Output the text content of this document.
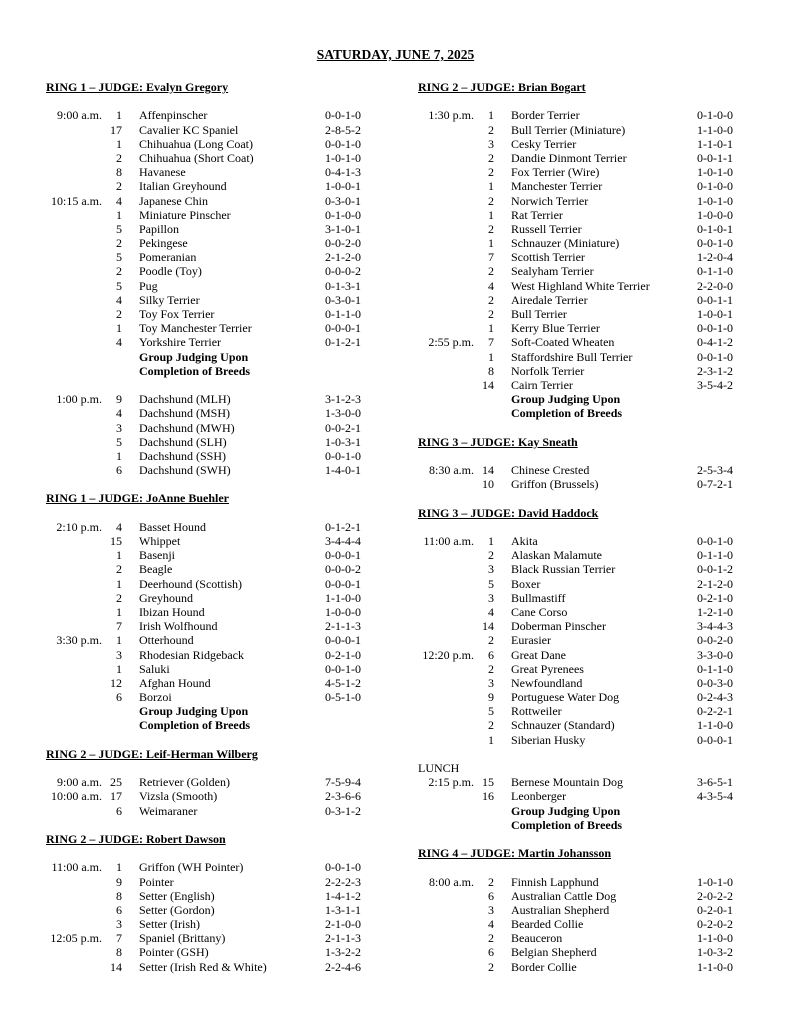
SATURDAY, JUNE 7, 2025
RING 1 – JUDGE: Evalyn Gregory
9:00 a.m.	1 Affenpinscher	0-0-1-0
17 Cavalier KC Spaniel	2-8-5-2
1 Chihuahua (Long Coat)	0-0-1-0
2 Chihuahua (Short Coat)	1-0-1-0
8 Havanese	0-4-1-3
2 Italian Greyhound	1-0-0-1
10:15 a.m.	4 Japanese Chin	0-3-0-1
1 Miniature Pinscher	0-1-0-0
5 Papillon	3-1-0-1
2 Pekingese	0-0-2-0
5 Pomeranian	2-1-2-0
2 Poodle (Toy)	0-0-0-2
5 Pug	0-1-3-1
4 Silky Terrier	0-3-0-1
2 Toy Fox Terrier	0-1-1-0
1 Toy Manchester Terrier	0-0-0-1
4 Yorkshire Terrier	0-1-2-1
Group Judging Upon
Completion of Breeds
1:00 p.m.	9 Dachshund (MLH)	3-1-2-3
4 Dachshund (MSH)	1-3-0-0
3 Dachshund (MWH)	0-0-2-1
5 Dachshund (SLH)	1-0-3-1
1 Dachshund (SSH)	0-0-1-0
6 Dachshund (SWH)	1-4-0-1
RING 1 – JUDGE: JoAnne Buehler
2:10 p.m.	4 Basset Hound	0-1-2-1
15 Whippet	3-4-4-4
1 Basenji	0-0-0-1
2 Beagle	0-0-0-2
1 Deerhound (Scottish)	0-0-0-1
2 Greyhound	1-1-0-0
1 Ibizan Hound	1-0-0-0
7 Irish Wolfhound	2-1-1-3
3:30 p.m.	1 Otterhound	0-0-0-1
3 Rhodesian Ridgeback	0-2-1-0
1 Saluki	0-0-1-0
12 Afghan Hound	4-5-1-2
6 Borzoi	0-5-1-0
Group Judging Upon
Completion of Breeds
RING 2 – JUDGE: Leif-Herman Wilberg
9:00 a.m. 25 Retriever (Golden)	7-5-9-4
10:00 a.m. 17 Vizsla (Smooth)	2-3-6-6
6 Weimaraner	0-3-1-2
RING 2 – JUDGE: Robert Dawson
11:00 a.m.	1 Griffon (WH Pointer)	0-0-1-0
9 Pointer	2-2-2-3
8 Setter (English)	1-4-1-2
6 Setter (Gordon)	1-3-1-1
3 Setter (Irish)	2-1-0-0
12:05 p.m.	7 Spaniel (Brittany)	2-1-1-3
8 Pointer (GSH)	1-3-2-2
14 Setter (Irish Red & White)	2-2-4-6
RING 2 – JUDGE: Brian Bogart
1:30 p.m.	1 Border Terrier	0-1-0-0
2 Bull Terrier (Miniature)	1-1-0-0
3 Cesky Terrier	1-1-0-1
2 Dandie Dinmont Terrier	0-0-1-1
2 Fox Terrier (Wire)	1-0-1-0
1 Manchester Terrier	0-1-0-0
2 Norwich Terrier	1-0-1-0
1 Rat Terrier	1-0-0-0
2 Russell Terrier	0-1-0-1
1 Schnauzer (Miniature)	0-0-1-0
7 Scottish Terrier	1-2-0-4
2 Sealyham Terrier	0-1-1-0
4 West Highland White Terrier	2-2-0-0
2 Airedale Terrier	0-0-1-1
2 Bull Terrier	1-0-0-1
1 Kerry Blue Terrier	0-0-1-0
2:55 p.m.	7 Soft-Coated Wheaten	0-4-1-2
1 Staffordshire Bull Terrier	0-0-1-0
8 Norfolk Terrier	2-3-1-2
14 Cairn Terrier	3-5-4-2
Group Judging Upon
Completion of Breeds
RING 3 – JUDGE: Kay Sneath
8:30 a.m. 14 Chinese Crested	2-5-3-4
10 Griffon (Brussels)	0-7-2-1
RING 3 – JUDGE: David Haddock
11:00 a.m.	1 Akita	0-0-1-0
2 Alaskan Malamute	0-1-1-0
3 Black Russian Terrier	0-0-1-2
5 Boxer	2-1-2-0
3 Bullmastiff	0-2-1-0
4 Cane Corso	1-2-1-0
14 Doberman Pinscher	3-4-4-3
2 Eurasier	0-0-2-0
12:20 p.m.	6 Great Dane	3-3-0-0
2 Great Pyrenees	0-1-1-0
3 Newfoundland	0-0-3-0
9 Portuguese Water Dog	0-2-4-3
5 Rottweiler	0-2-2-1
2 Schnauzer (Standard)	1-1-0-0
1 Siberian Husky	0-0-0-1
LUNCH
2:15 p.m. 15 Bernese Mountain Dog	3-6-5-1
16 Leonberger	4-3-5-4
Group Judging Upon
Completion of Breeds
RING 4 – JUDGE: Martin Johansson
8:00 a.m.	2 Finnish Lapphund	1-0-1-0
6 Australian Cattle Dog	2-0-2-2
3 Australian Shepherd	0-2-0-1
4 Bearded Collie	0-2-0-2
2 Beauceron	1-1-0-0
6 Belgian Shepherd	1-0-3-2
2 Border Collie	1-1-0-0
